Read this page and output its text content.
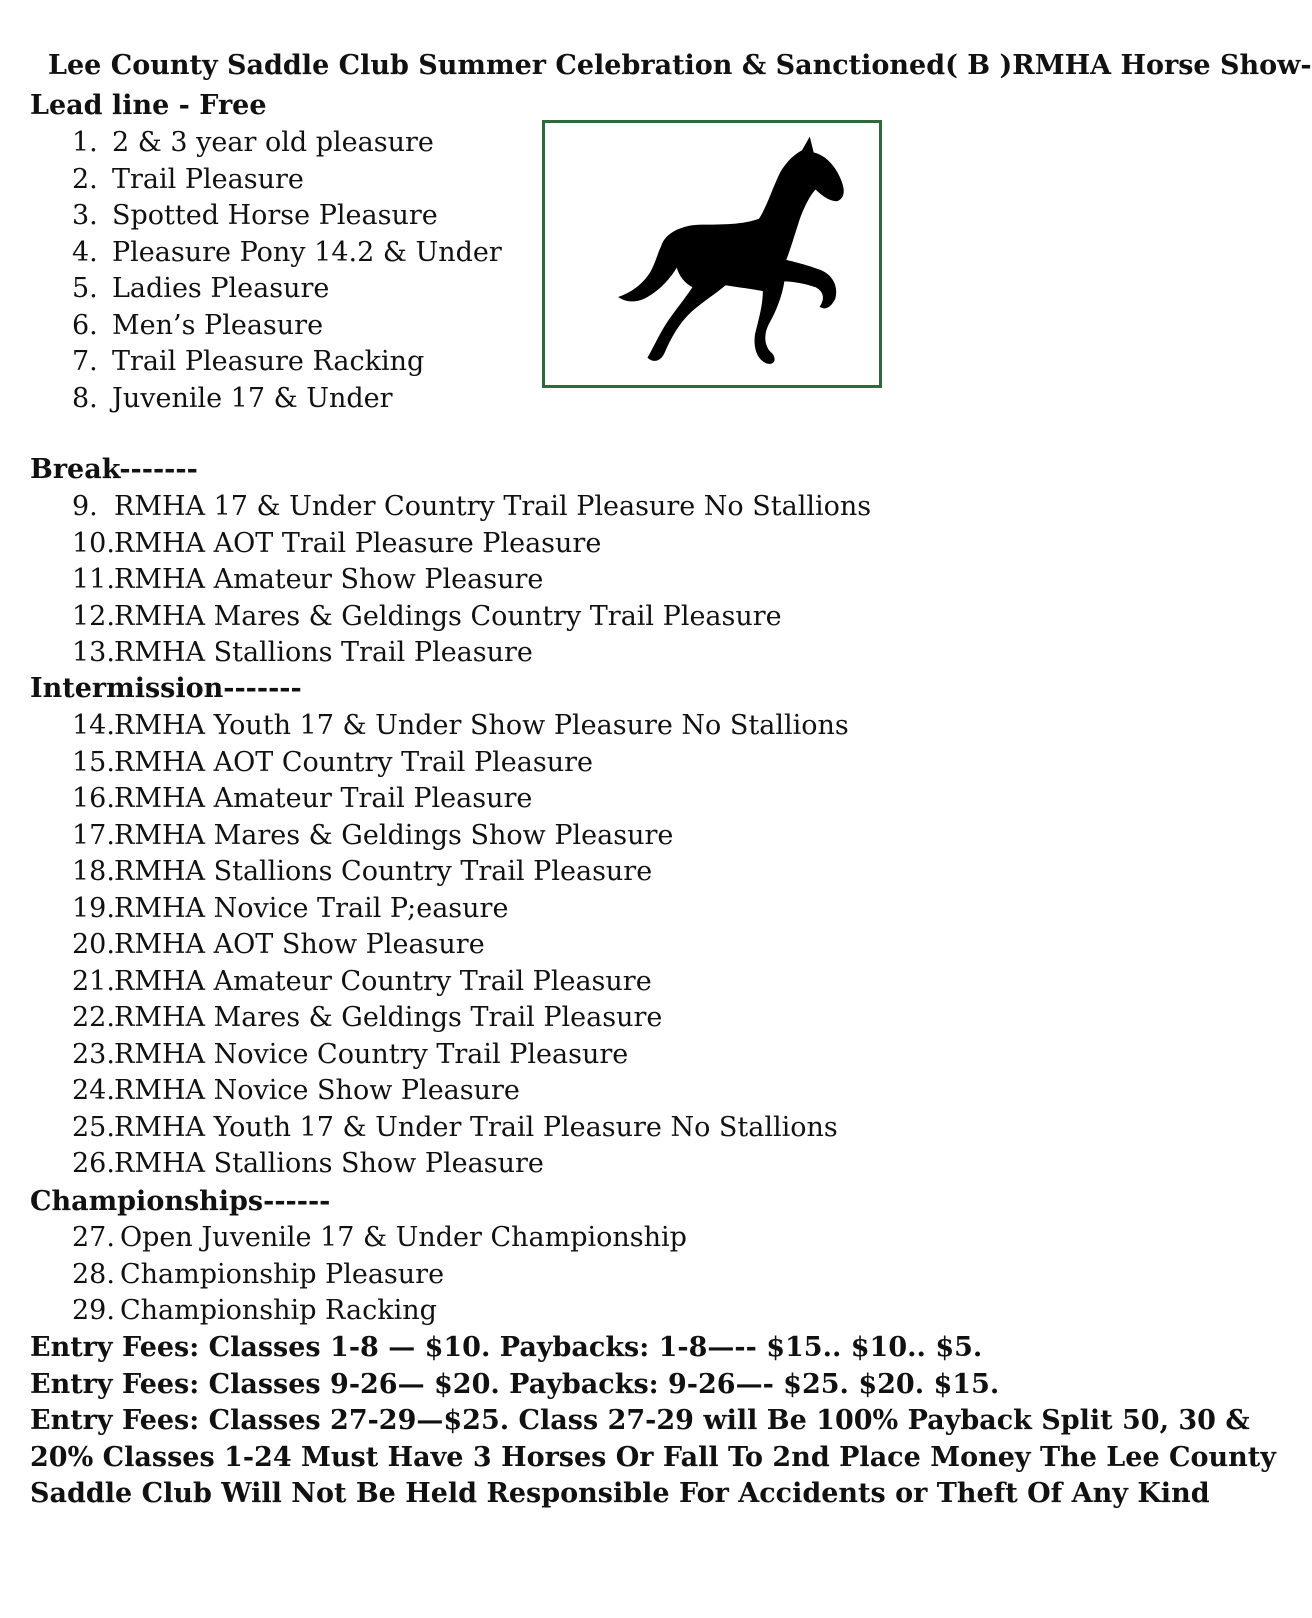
Lee County Saddle Club Summer Celebration & Sanctioned( B )RMHA Horse Show-
Lead line - Free
1. 2 & 3 year old pleasure
2. Trail Pleasure
3. Spotted Horse Pleasure
4. Pleasure Pony 14.2 & Under
5. Ladies Pleasure
6. Men’s Pleasure
7. Trail Pleasure Racking
8. Juvenile 17 & Under
Break-------
9. RMHA 17 & Under Country Trail Pleasure No Stallions
10.RMHA AOT Trail Pleasure Pleasure
11.RMHA Amateur Show Pleasure
12.RMHA Mares & Geldings Country Trail Pleasure
13.RMHA Stallions Trail Pleasure
Intermission-------
14.RMHA Youth 17 & Under Show Pleasure No Stallions
15.RMHA AOT Country Trail Pleasure
16.RMHA Amateur Trail Pleasure
17.RMHA Mares & Geldings Show Pleasure
18.RMHA Stallions Country Trail Pleasure
19.RMHA Novice Trail P;easure
20.RMHA AOT Show Pleasure
21.RMHA Amateur Country Trail Pleasure
22.RMHA Mares & Geldings Trail Pleasure
23.RMHA Novice Country Trail Pleasure
24.RMHA Novice Show Pleasure
25.RMHA Youth 17 & Under Trail Pleasure No Stallions
26.RMHA Stallions Show Pleasure
Championships------
27. Open Juvenile 17 & Under Championship
28. Championship Pleasure
29. Championship Racking
Entry Fees: Classes 1-8 — $10. Paybacks: 1-8—-- $15.. $10.. $5.
Entry Fees: Classes 9-26— $20. Paybacks: 9-26—- $25. $20. $15.
Entry Fees: Classes 27-29—$25. Class 27-29 will Be 100% Payback Split 50, 30 &
20% Classes 1-24 Must Have 3 Horses Or Fall To 2nd Place Money The Lee County
Saddle Club Will Not Be Held Responsible For Accidents or Theft Of Any Kind
